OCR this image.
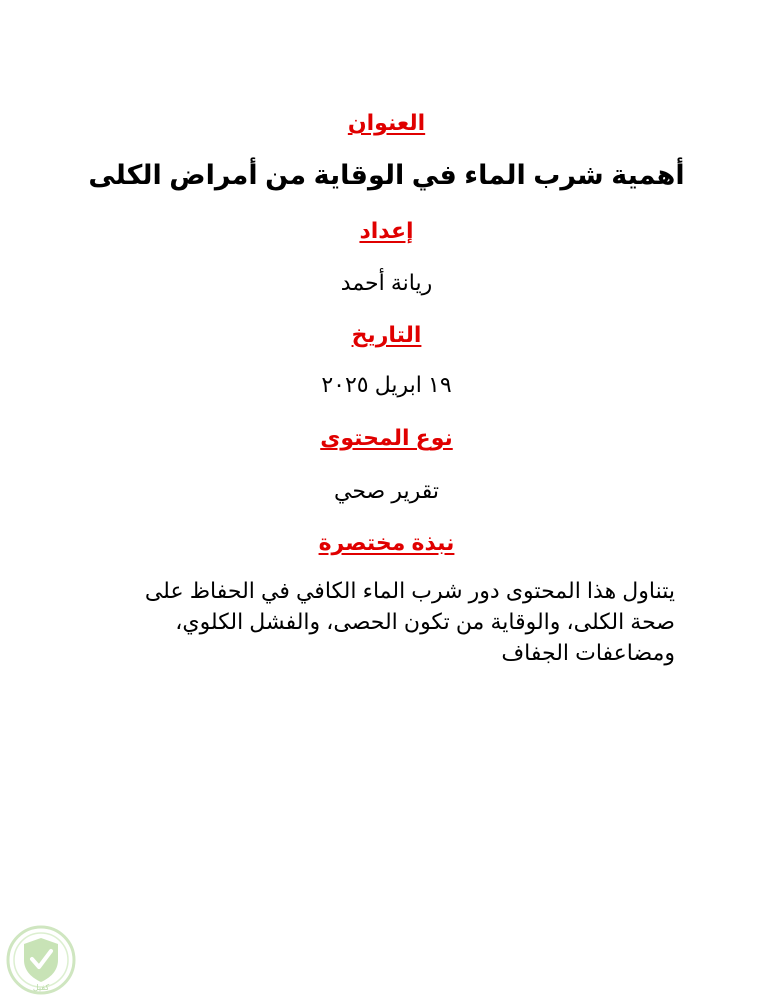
العنوان
أهمية شرب الماء في الوقاية من أمراض الكلى
إعداد
ريانة أحمد
التاريخ
١٩ ابريل ٢٠٢٥
نوع المحتوى
تقرير صحي
نبذة مختصرة
يتناول هذا المحتوى دور شرب الماء الكافي في الحفاظ على صحة الكلى، والوقاية من تكون الحصى، والفشل الكلوي، ومضاعفات الجفاف
كفيل
